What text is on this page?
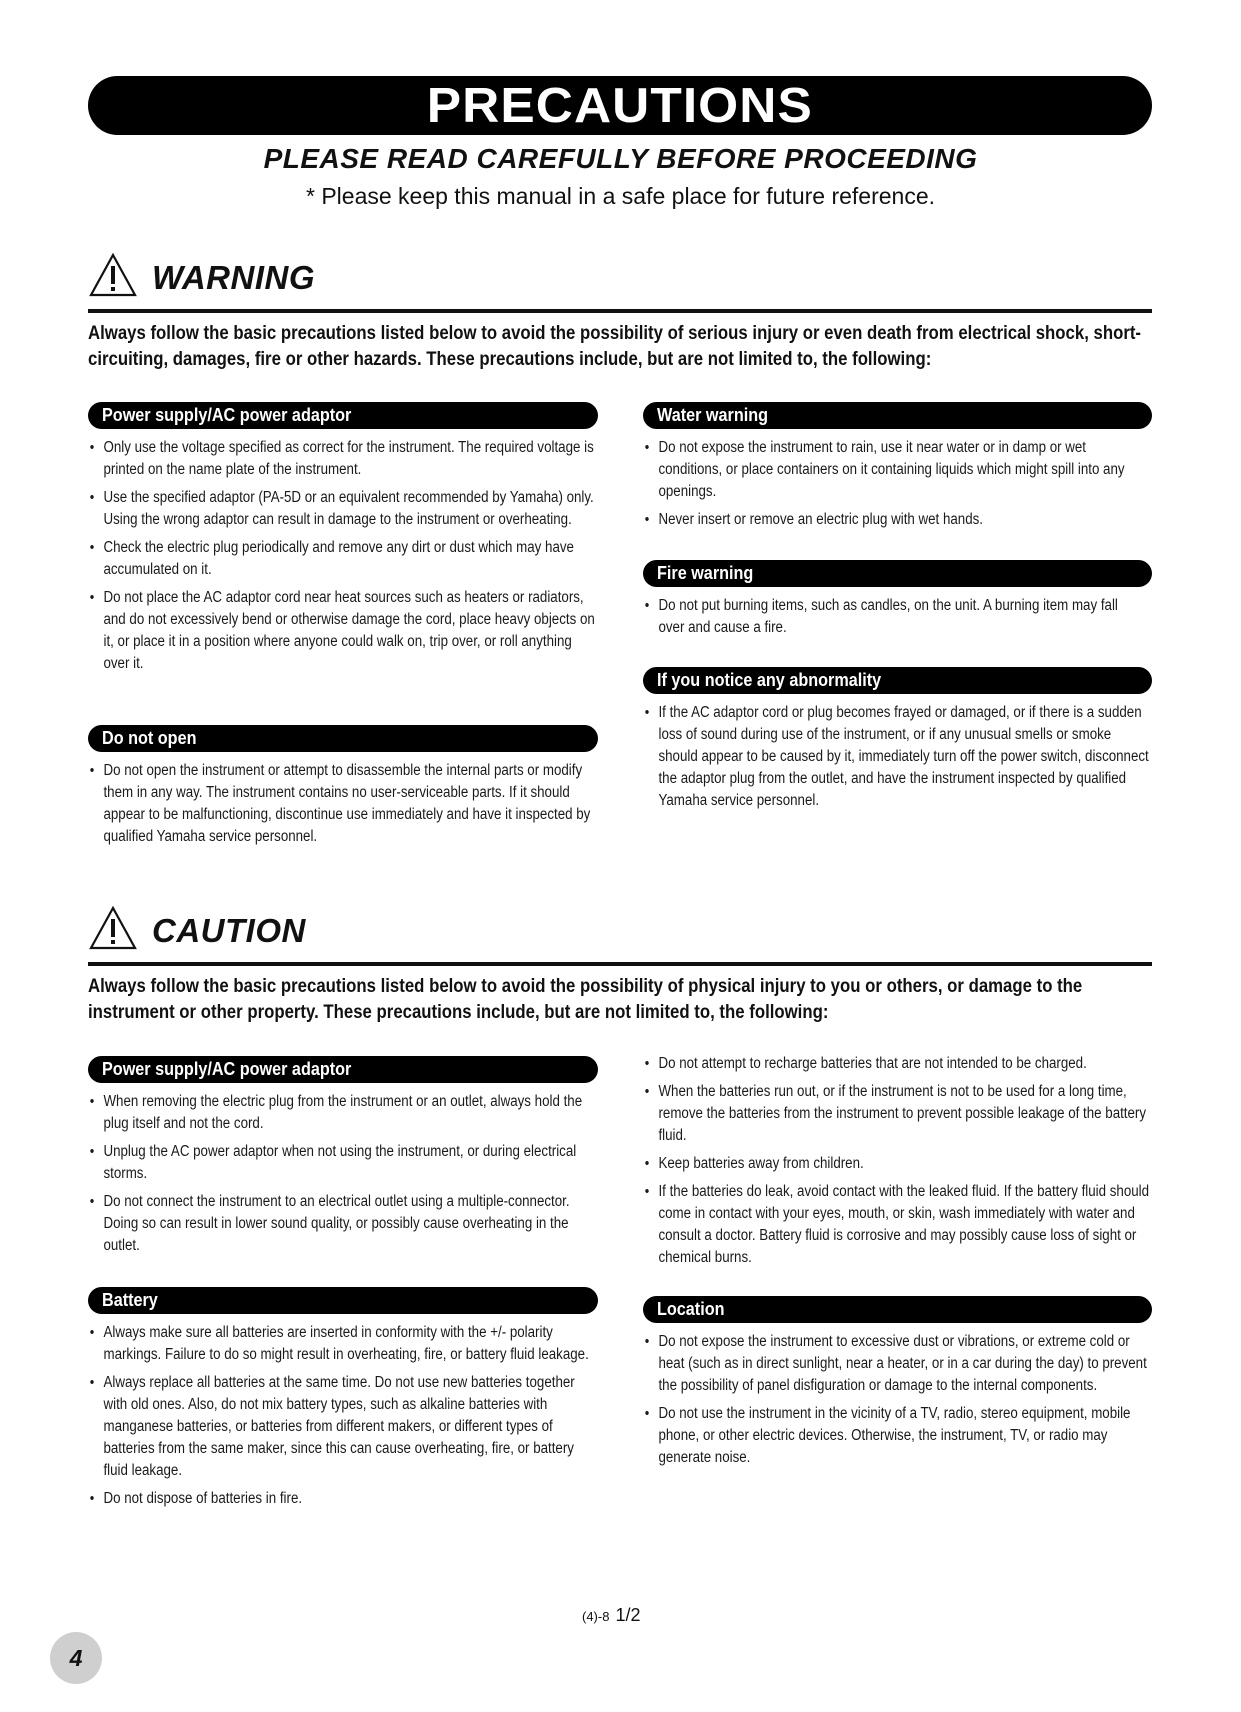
PRECAUTIONS
PLEASE READ CAREFULLY BEFORE PROCEEDING
* Please keep this manual in a safe place for future reference.
WARNING
Always follow the basic precautions listed below to avoid the possibility of serious injury or even death from electrical shock, short-circuiting, damages, fire or other hazards. These precautions include, but are not limited to, the following:
Power supply/AC power adaptor
• Only use the voltage specified as correct for the instrument. The required voltage is printed on the name plate of the instrument.
• Use the specified adaptor (PA-5D or an equivalent recommended by Yamaha) only. Using the wrong adaptor can result in damage to the instrument or overheating.
• Check the electric plug periodically and remove any dirt or dust which may have accumulated on it.
• Do not place the AC adaptor cord near heat sources such as heaters or radiators, and do not excessively bend or otherwise damage the cord, place heavy objects on it, or place it in a position where anyone could walk on, trip over, or roll anything over it.
Do not open
• Do not open the instrument or attempt to disassemble the internal parts or modify them in any way. The instrument contains no user-serviceable parts. If it should appear to be malfunctioning, discontinue use immediately and have it inspected by qualified Yamaha service personnel.
Water warning
• Do not expose the instrument to rain, use it near water or in damp or wet conditions, or place containers on it containing liquids which might spill into any openings.
• Never insert or remove an electric plug with wet hands.
Fire warning
• Do not put burning items, such as candles, on the unit. A burning item may fall over and cause a fire.
If you notice any abnormality
• If the AC adaptor cord or plug becomes frayed or damaged, or if there is a sudden loss of sound during use of the instrument, or if any unusual smells or smoke should appear to be caused by it, immediately turn off the power switch, disconnect the adaptor plug from the outlet, and have the instrument inspected by qualified Yamaha service personnel.
CAUTION
Always follow the basic precautions listed below to avoid the possibility of physical injury to you or others, or damage to the instrument or other property. These precautions include, but are not limited to, the following:
Power supply/AC power adaptor
• When removing the electric plug from the instrument or an outlet, always hold the plug itself and not the cord.
• Unplug the AC power adaptor when not using the instrument, or during electrical storms.
• Do not connect the instrument to an electrical outlet using a multiple-connector. Doing so can result in lower sound quality, or possibly cause overheating in the outlet.
Battery
• Always make sure all batteries are inserted in conformity with the +/- polarity markings. Failure to do so might result in overheating, fire, or battery fluid leakage.
• Always replace all batteries at the same time. Do not use new batteries together with old ones. Also, do not mix battery types, such as alkaline batteries with manganese batteries, or batteries from different makers, or different types of batteries from the same maker, since this can cause overheating, fire, or battery fluid leakage.
• Do not dispose of batteries in fire.
• Do not attempt to recharge batteries that are not intended to be charged.
• When the batteries run out, or if the instrument is not to be used for a long time, remove the batteries from the instrument to prevent possible leakage of the battery fluid.
• Keep batteries away from children.
• If the batteries do leak, avoid contact with the leaked fluid. If the battery fluid should come in contact with your eyes, mouth, or skin, wash immediately with water and consult a doctor. Battery fluid is corrosive and may possibly cause loss of sight or chemical burns.
Location
• Do not expose the instrument to excessive dust or vibrations, or extreme cold or heat (such as in direct sunlight, near a heater, or in a car during the day) to prevent the possibility of panel disfiguration or damage to the internal components.
• Do not use the instrument in the vicinity of a TV, radio, stereo equipment, mobile phone, or other electric devices. Otherwise, the instrument, TV, or radio may generate noise.
4
(4)-8 1/2
